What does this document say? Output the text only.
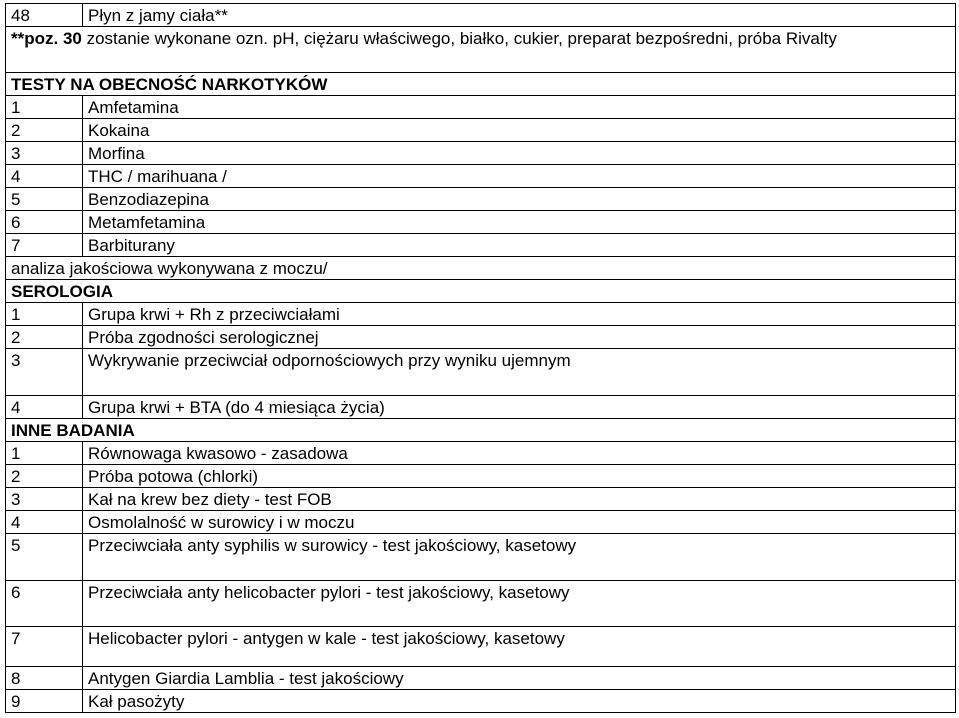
48	Płyn z jamy ciała**
**poz. 30 zostanie wykonane ozn. pH, ciężaru właściwego, białko, cukier, preparat bezpośredni, próba Rivalty
TESTY NA OBECNOŚĆ NARKOTYKÓW
1	Amfetamina
2	Kokaina
3	Morfina
4	THC / marihuana /
5	Benzodiazepina
6	Metamfetamina
7	Barbiturany
analiza jakościowa wykonywana z moczu/
SEROLOGIA
1	Grupa krwi + Rh z przeciwciałami
2	Próba zgodności serologicznej
3	Wykrywanie przeciwciał odpornościowych przy wyniku ujemnym
4	Grupa krwi + BTA (do 4 miesiąca życia)
INNE BADANIA
1	Równowaga kwasowo - zasadowa
2	Próba potowa (chlorki)
3	Kał na krew bez diety - test FOB
4	Osmolalność w surowicy i w moczu
5	Przeciwciała anty syphilis w surowicy - test jakościowy, kasetowy
6	Przeciwciała anty helicobacter pylori - test jakościowy, kasetowy
7	Helicobacter pylori - antygen w kale - test jakościowy, kasetowy
8	Antygen Giardia Lamblia - test jakościowy
9	Kał pasożyty
